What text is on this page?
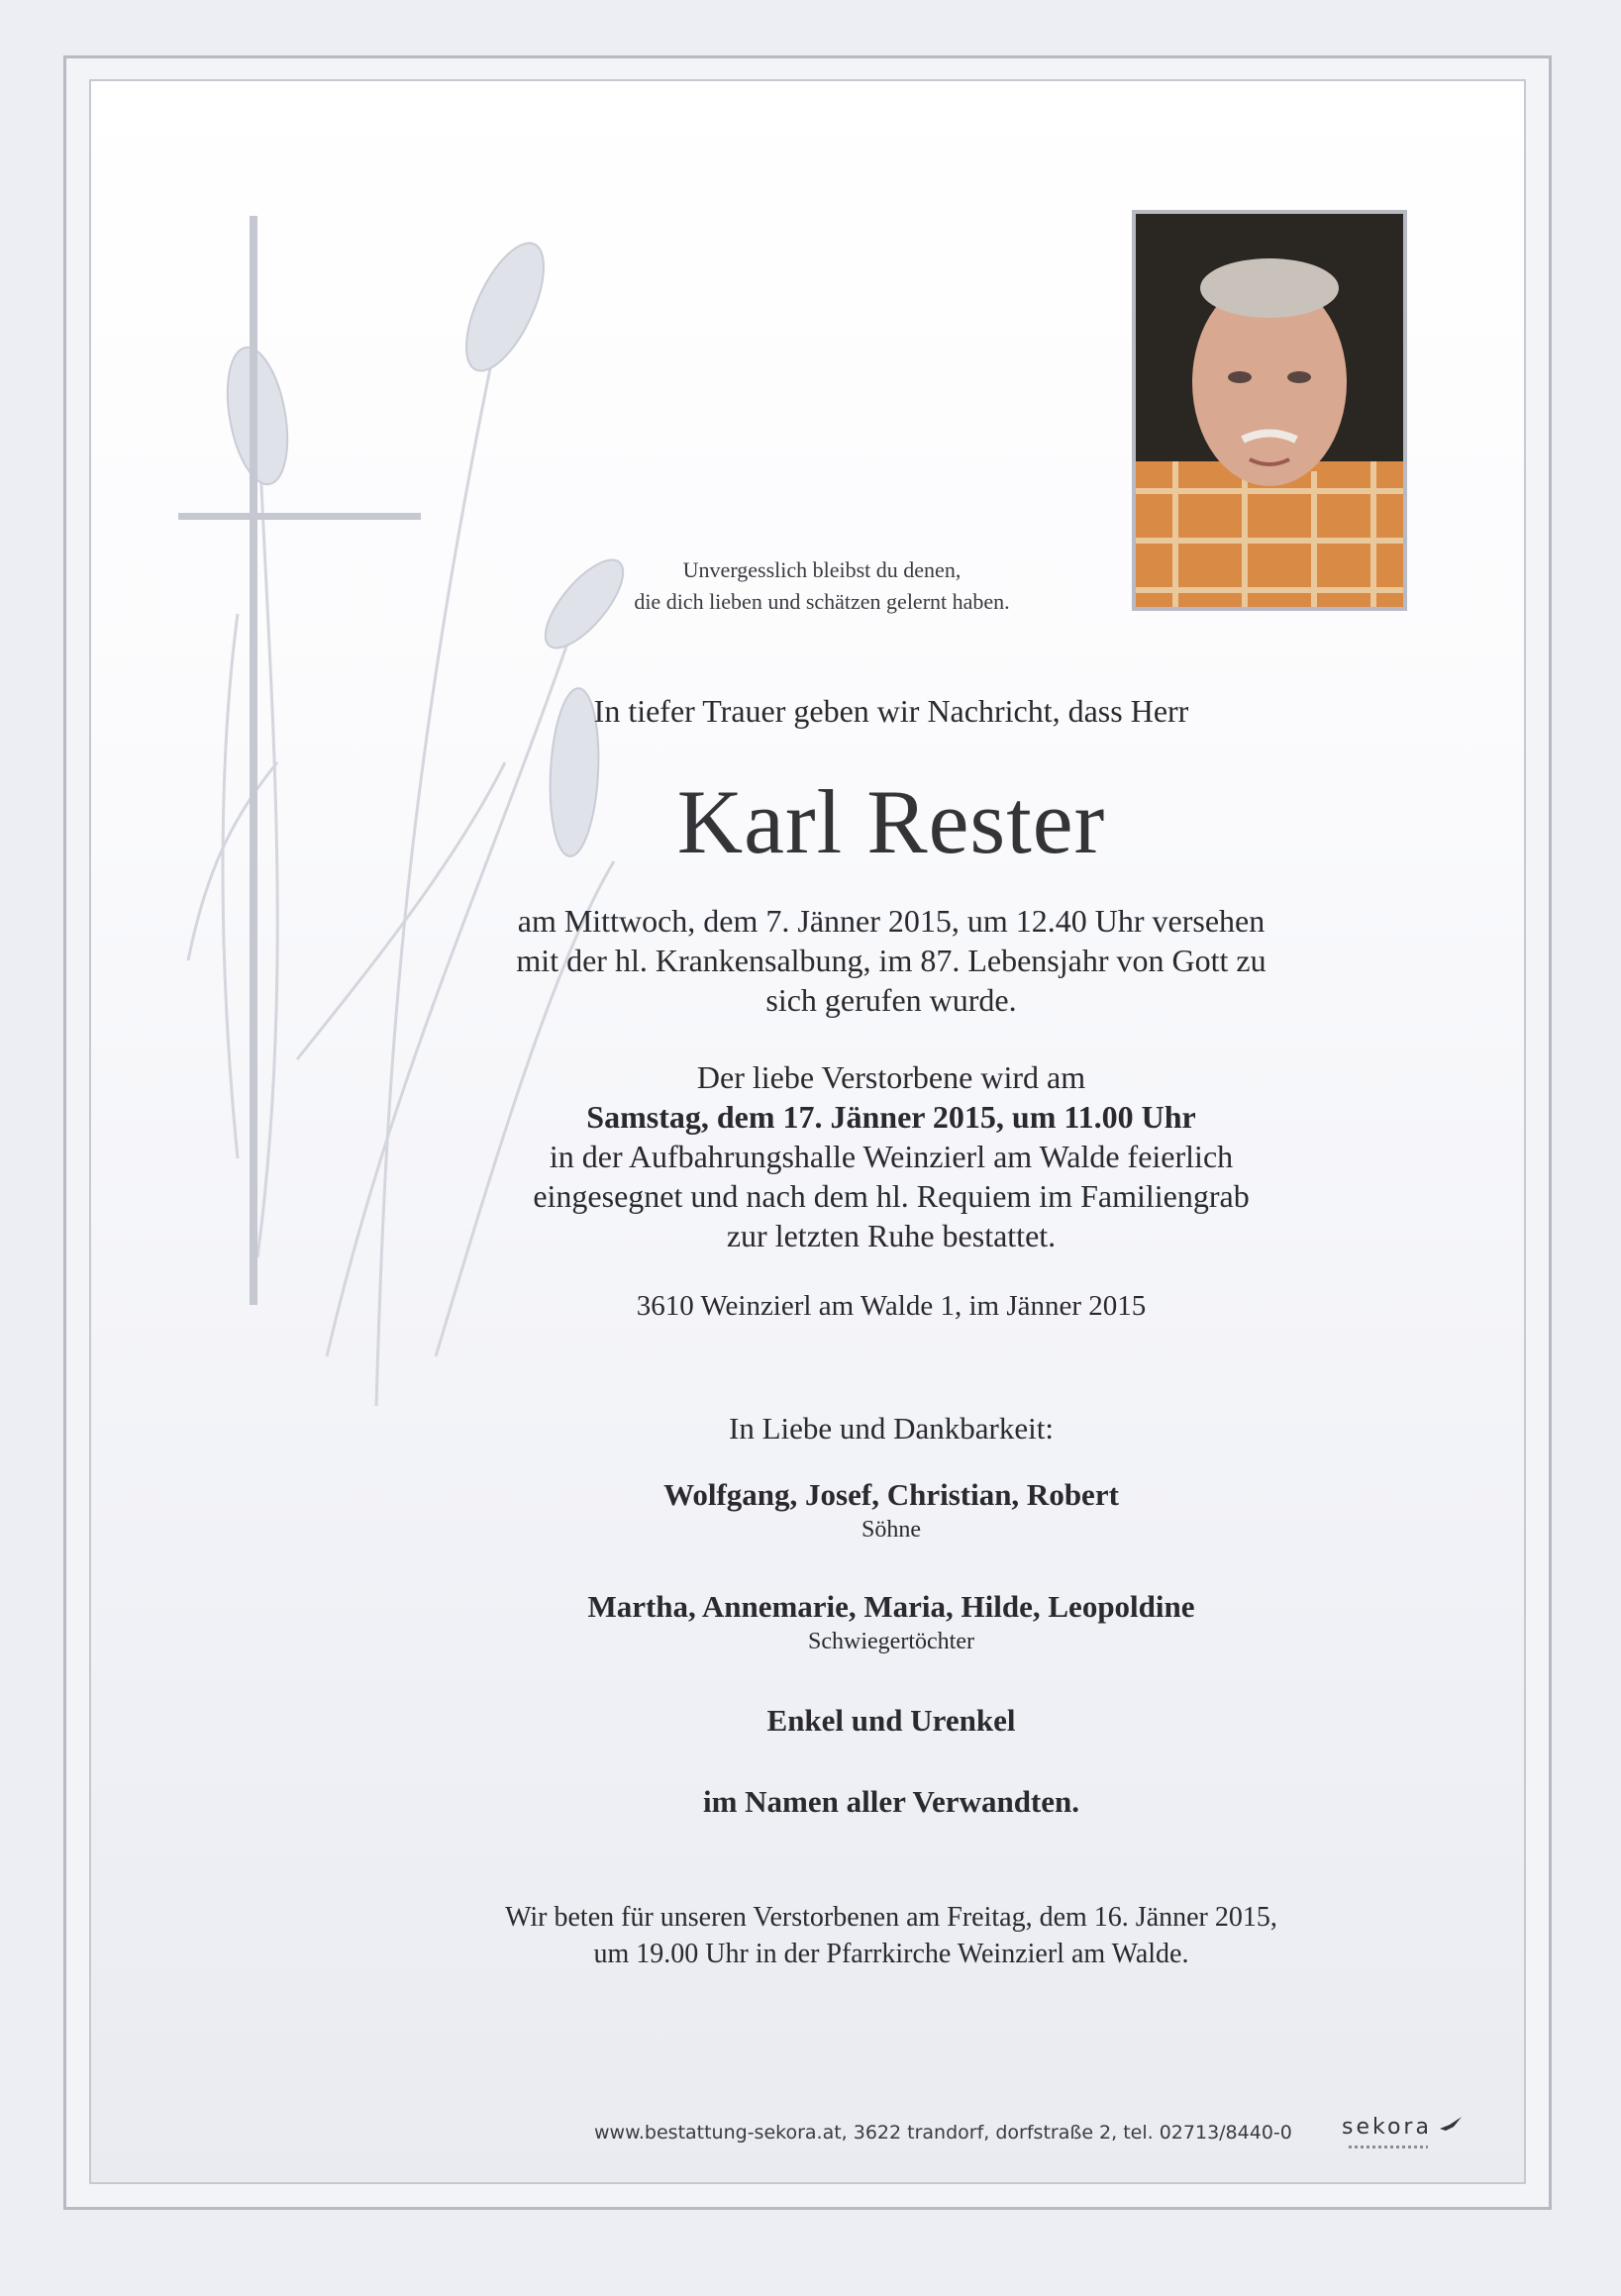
Unvergesslich bleibst du denen,
die dich lieben und schätzen gelernt haben.
In tiefer Trauer geben wir Nachricht, dass Herr
Karl Rester
am Mittwoch, dem 7. Jänner 2015, um 12.40 Uhr versehen
mit der hl. Krankensalbung, im 87. Lebensjahr von Gott zu
sich gerufen wurde.
Der liebe Verstorbene wird am
Samstag, dem 17. Jänner 2015, um 11.00 Uhr
in der Aufbahrungshalle Weinzierl am Walde feierlich
eingesegnet und nach dem hl. Requiem im Familiengrab
zur letzten Ruhe bestattet.
3610 Weinzierl am Walde 1, im Jänner 2015
In Liebe und Dankbarkeit:
Wolfgang, Josef, Christian, Robert
Söhne
Martha, Annemarie, Maria, Hilde, Leopoldine
Schwiegertöchter
Enkel und Urenkel
im Namen aller Verwandten.
Wir beten für unseren Verstorbenen am Freitag, dem 16. Jänner 2015,
um 19.00 Uhr in der Pfarrkirche Weinzierl am Walde.
www.bestattung-sekora.at, 3622 trandorf, dorfstraße 2, tel. 02713/8440-0 sekora
